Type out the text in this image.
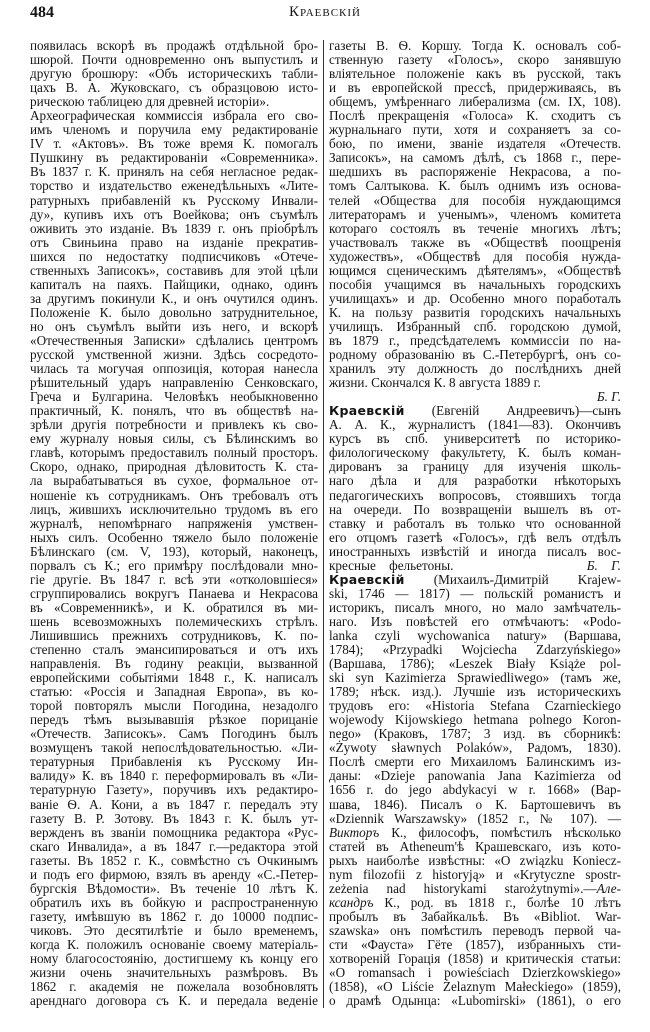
484	Краевскій
появилась вскорѣ въ продажѣ отдѣльной бро-
шюрой. Почти одновременно онъ выпустилъ и
другую брошюру: «Объ историческихъ табли-
цахъ В. А. Жуковскаго, съ образцовою исто-
рическою таблицею для древней исторіи».
Археографическая коммиссія избрала его сво-
имъ членомъ и поручила ему редактированіе
IV т. «Актовъ». Въ тоже время К. помогалъ
Пушкину въ редактированіи «Современника».
Въ 1837 г. К. принялъ на себя негласное редак-
торство и издательство еженедѣльныхъ «Лите-
ратурныхъ прибавленій къ Русскому Инвали-
ду», купивъ ихъ отъ Воейкова; онъ съумѣлъ
оживить это изданіе. Въ 1839 г. онъ пріобрѣлъ
отъ Свиньина право на изданіе прекратив-
шихся по недостатку подписчиковъ «Отече-
ственныхъ Записокъ», составивъ для этой цѣли
капиталъ на паяхъ. Пайщики, однако, одинъ
за другимъ покинули К., и онъ очутился одинъ.
Положеніе К. было довольно затруднительное,
но онъ съумѣлъ выйти изъ него, и вскорѣ
«Отечественныя Записки» сдѣлались центромъ
русской умственной жизни. Здѣсь сосредото-
чилась та могучая оппозиція, которая нанесла
рѣшительный ударъ направленію Сенковскаго,
Греча и Булгарина. Человѣкъ необыкновенно
практичный, К. понялъ, что въ обществѣ на-
зрѣли другія потребности и привлекъ къ сво-
ему журналу новыя силы, съ Бѣлинскимъ во
главѣ, которымъ предоставилъ полный просторъ.
Скоро, однако, природная дѣловитость К. ста-
ла вырабатываться въ сухое, формальное от-
ношеніе къ сотрудникамъ. Онъ требовалъ отъ
лицъ, жившихъ исключительно трудомъ въ его
журналѣ, непомѣрнаго напряженія умствен-
ныхъ силъ. Особенно тяжело было положеніе
Бѣлинскаго (см. V, 193), который, наконецъ,
порвалъ съ К.; его примѣру послѣдовали мно-
гіе другіе. Въ 1847 г. всѣ эти «отколовшіеся»
сгруппировались вокругъ Панаева и Некрасова
въ «Современникѣ», и К. обратился въ ми-
шень всевозможныхъ полемическихъ стрѣлъ.
Лишившись прежнихъ сотрудниковъ, К. по-
степенно сталъ эмансипироваться и отъ ихъ
направленія. Въ годину реакціи, вызванной
европейскими событіями 1848 г., К. написалъ
статью: «Россія и Западная Европа», въ ко-
торой повторялъ мысли Погодина, незадолго
передъ тѣмъ вызывавшія рѣзкое порицаніе
«Отечеств. Записокъ». Самъ Погодинъ былъ
возмущенъ такой непослѣдовательностью. «Ли-
тературныя Прибавленія къ Русскому Ин-
валиду» К. въ 1840 г. переформировалъ въ «Ли-
тературную Газету», поручивъ ихъ редактиро-
ваніе Ѳ. А. Кони, а въ 1847 г. передалъ эту
газету В. Р. Зотову. Въ 1843 г. К. былъ ут-
вержденъ въ званіи помощника редактора «Рус-
скаго Инвалида», а въ 1847 г.—редактора этой
газеты. Въ 1852 г. К., совмѣстно съ Очкинымъ
и подъ его фирмою, взялъ въ аренду «С.-Петер-
бургскія Вѣдомости». Въ теченіе 10 лѣтъ К.
обратилъ ихъ въ бойкую и распространенную
газету, имѣвшую въ 1862 г. до 10000 подпис-
чиковъ. Это десятилѣтіе и было временемъ,
когда К. положилъ основаніе своему матеріаль-
ному благосостоянію, достигшему къ концу его
жизни очень значительныхъ размѣровъ. Въ
1862 г. академія не пожелала возобновлять
аренднаго договора съ К. и передала веденіе
газеты В. Ѳ. Коршу. Тогда К. основалъ соб-
ственную газету «Голосъ», скоро занявшую
вліятельное положеніе какъ въ русской, такъ
и въ европейской прессѣ, придерживаясь, въ
общемъ, умѣреннаго либерализма (см. IX, 108).
Послѣ прекращенія «Голоса» К. сходитъ съ
журнальнаго пути, хотя и сохраняетъ за со-
бою, по имени, званіе издателя «Отечеств.
Записокъ», на самомъ дѣлѣ, съ 1868 г., пере-
шедшихъ въ распоряженіе Некрасова, а по-
томъ Салтыкова. К. былъ однимъ изъ основа-
телей «Общества для пособія нуждающимся
литераторамъ и ученымъ», членомъ комитета
котораго состоялъ въ теченіе многихъ лѣтъ;
участвовалъ также въ «Обществѣ поощренія
художествъ», «Обществѣ для пособія нужда-
ющимся сценическимъ дѣятелямъ», «Обществѣ
пособія учащимся въ начальныхъ городскихъ
училищахъ» и др. Особенно много поработалъ
К. на пользу развитія городскихъ начальныхъ
училищъ. Избранный спб. городскою думой,
въ 1879 г., предсѣдателемъ коммиссіи по на-
родному образованію въ С.-Петербургѣ, онъ со-
хранилъ эту должность до послѣднихъ дней
жизни. Скончался К. 8 августа 1889 г.
Б. Г.
Краевскій (Евгеній Андреевичъ)—сынъ
А. А. К., журналистъ (1841—83). Окончивъ
курсъ въ спб. университетѣ по историко-
филологическому факультету, К. былъ коман-
дированъ за границу для изученія школь-
наго дѣла и для разработки нѣкоторыхъ
педагогическихъ вопросовъ, стоявшихъ тогда
на очереди. По возвращеніи вышелъ въ от-
ставку и работалъ въ только что основанной
его отцомъ газетѣ «Голосъ», гдѣ велъ отдѣлъ
иностранныхъ извѣстій и иногда писалъ вос-
кресные фельетоны.          Б. Г.
Краевскій (Михаилъ-Димитрій Krajew-
ski, 1746 — 1817) — польскій романистъ и
историкъ, писалъ много, но мало замѣчатель-
наго. Изъ повѣстей его отмѣчаютъ: «Podo-
lanka czyli wychowanica natury» (Варшава,
1784); «Przypadki Wojciecha Zdarzyńskiego»
(Варшава, 1786); «Leszek Biały Książe pol-
ski syn Kazimierza Sprawiedliwego» (тамъ же,
1789; нѣск. изд.). Лучшіе изъ историческихъ
трудовъ его: «Historia Stefana Czarnieckiego
wojewody Kijowskiego hetmana polnego Koron-
nego» (Краковъ, 1787; 3 изд. въ сборникѣ:
«Żywoty sławnych Polaków», Радомъ, 1830).
Послѣ смерти его Михаиломъ Балинскимъ из-
даны: «Dzieje panowania Jana Kazimierza od
1656 r. do jego abdykacyi w r. 1668» (Вар-
шава, 1846). Писалъ о К. Бартошевичъ въ
«Dziennik Warszawsky» (1852 г., № 107). —
Викторъ К., философъ, помѣстилъ нѣсколько
статей въ Atheneum'ѣ Крашевскаго, изъ кото-
рыхъ наиболѣе извѣстны: «O związku Koniecz-
nym filozofii z historyją» и «Krytyczne spostr-
zeżenia nad historykami starożytnymi».—Але-
ксандръ К., род. въ 1818 г., болѣе 10 лѣтъ
пробылъ въ Забайкальѣ. Въ «Bibliot. War-
szawska» онъ помѣстилъ переводъ первой ча-
сти «Фауста» Гёте (1857), избранныхъ сти-
хотвореній Горація (1858) и критическія статьи:
«O romansach i powieściach Dzierzkowskiego»
(1858), «O Liście Żelaznym Małeckiego» (1859),
о драмѣ Одынца: «Lubomirski» (1861), о его
